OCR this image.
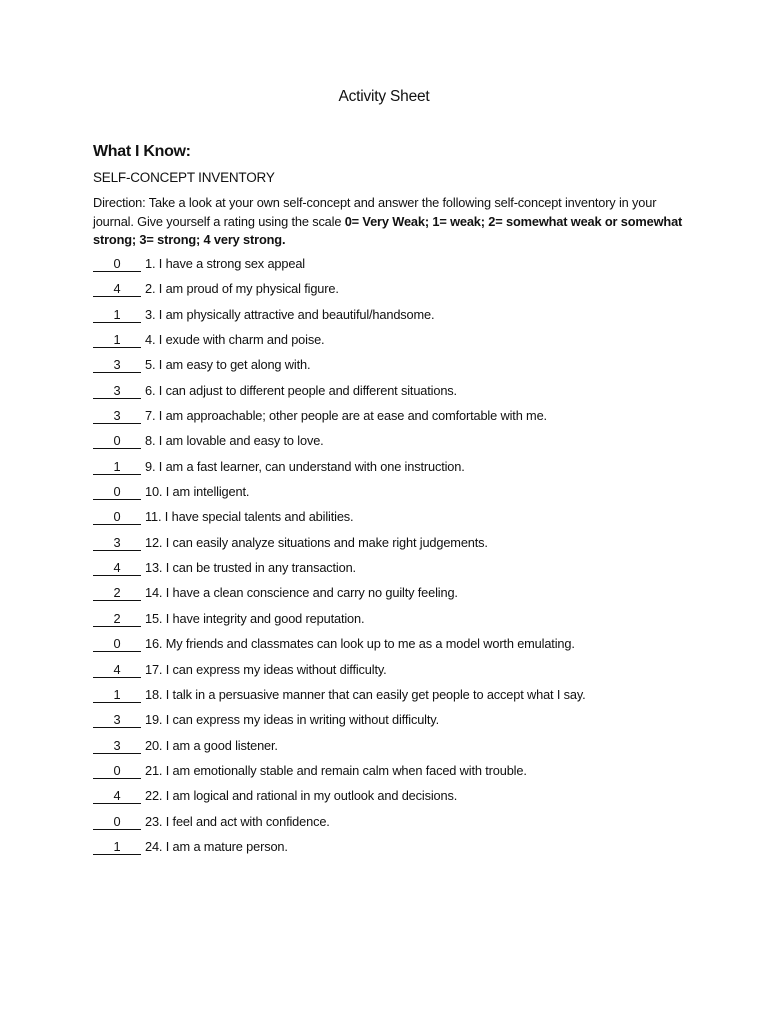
Activity Sheet
What I Know:
SELF-CONCEPT INVENTORY
Direction: Take a look at your own self-concept and answer the following self-concept inventory in your journal. Give yourself a rating using the scale 0= Very Weak; 1= weak; 2= somewhat weak or somewhat strong; 3= strong; 4 very strong.
0	1. I have a strong sex appeal
4	2. I am proud of my physical figure.
1	3. I am physically attractive and beautiful/handsome.
1	4. I exude with charm and poise.
3	5. I am easy to get along with.
3	6. I can adjust to different people and different situations.
3	7. I am approachable; other people are at ease and comfortable with me.
0	8. I am lovable and easy to love.
1	9. I am a fast learner, can understand with one instruction.
0	10. I am intelligent.
0	11. I have special talents and abilities.
3	12. I can easily analyze situations and make right judgements.
4	13. I can be trusted in any transaction.
2	14. I have a clean conscience and carry no guilty feeling.
2	15. I have integrity and good reputation.
0	16. My friends and classmates can look up to me as a model worth emulating.
4	17. I can express my ideas without difficulty.
1	18. I talk in a persuasive manner that can easily get people to accept what I say.
3	19. I can express my ideas in writing without difficulty.
3	20. I am a good listener.
0	21. I am emotionally stable and remain calm when faced with trouble.
4	22. I am logical and rational in my outlook and decisions.
0	23. I feel and act with confidence.
1	24. I am a mature person.
